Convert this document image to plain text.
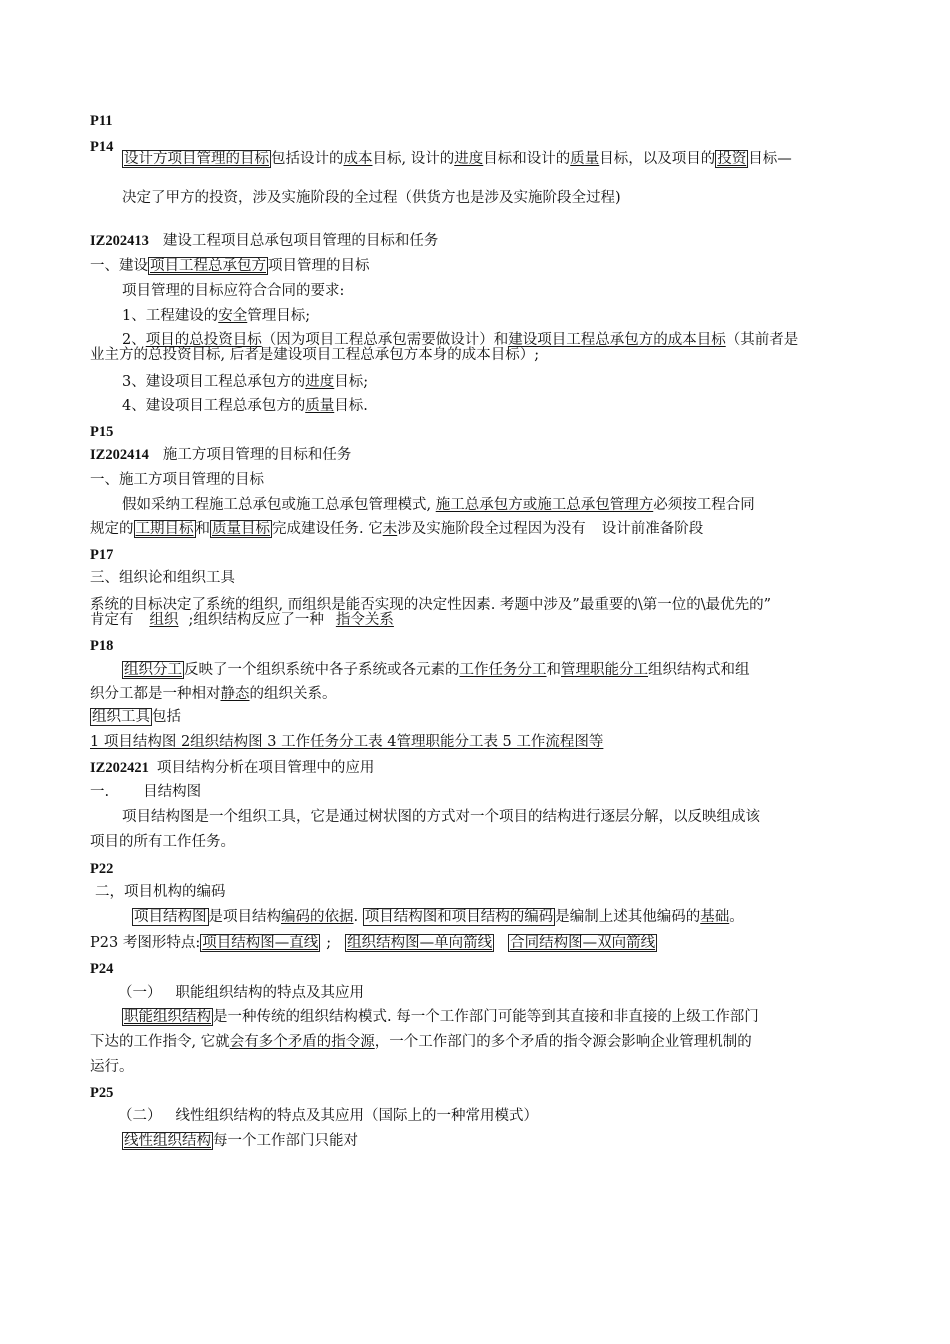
P11
P14
设计方项目管理的目标 包括设计的成本目标, 设计的进度目标和设计的质量目标，以及项目的 投资 目标—
决定了甲方的投资，涉及实施阶段的全过程（供货方也是涉及实施阶段全过程)
IZ202413 建设工程项目总承包项目管理的目标和任务
一、建设 项目工程总承包方 项目管理的目标
项目管理的目标应符合合同的要求:
1、工程建设的安全管理目标;
2、项目的总投资目标（因为项目工程总承包需要做设计）和建设项目工程总承包方的成本目标（其前者是
业主方的总投资目标, 后者是建设项目工程总承包方本身的成本目标）;
3、建设项目工程总承包方的进度目标;
4、建设项目工程总承包方的质量目标.
P15
IZ202414 施工方项目管理的目标和任务
一、施工方项目管理的目标
假如采纳工程施工总承包或施工总承包管理模式, 施工总承包方或施工总承包管理方必须按工程合同
规定的 工期目标 和 质量目标 完成建设任务. 它未涉及实施阶段全过程因为没有 设计前准备阶段
P17
三、组织论和组织工具
系统的目标决定了系统的组织, 而组织是能否实现的决定性因素. 考题中涉及”最重要的\第一位的\最优先的”
肯定有 组织 ;组织结构反应了一种 指令关系
P18
组织分工 反映了一个组织系统中各子系统或各元素的工作任务分工和管理职能分工组织结构式和组
织分工都是一种相对静态的组织关系。
组织工具 包括
1 项目结构图 2组织结构图 3 工作任务分工表 4管理职能分工表 5 工作流程图等
IZ202421 项目结构分析在项目管理中的应用
一. 目结构图
项目结构图是一个组织工具，它是通过树状图的方式对一个项目的结构进行逐层分解，以反映组成该
项目的所有工作任务。
P22
二，项目机构的编码
项目结构图 是项目结构编码的依据. 项目结构图和项目结构的编码 是编制上述其他编码的基础。
P23 考图形特点: 项目结构图—直线 ; 组织结构图—单向箭线 合同结构图—双向箭线
P24
（一） 职能组织结构的特点及其应用
职能组织结构 是一种传统的组织结构模式. 每一个工作部门可能等到其直接和非直接的上级工作部门
下达的工作指令, 它就会有多个矛盾的指令源，一个工作部门的多个矛盾的指令源会影响企业管理机制的
运行。
P25
（二） 线性组织结构的特点及其应用（国际上的一种常用模式）
线性组织结构 每一个工作部门只能对
